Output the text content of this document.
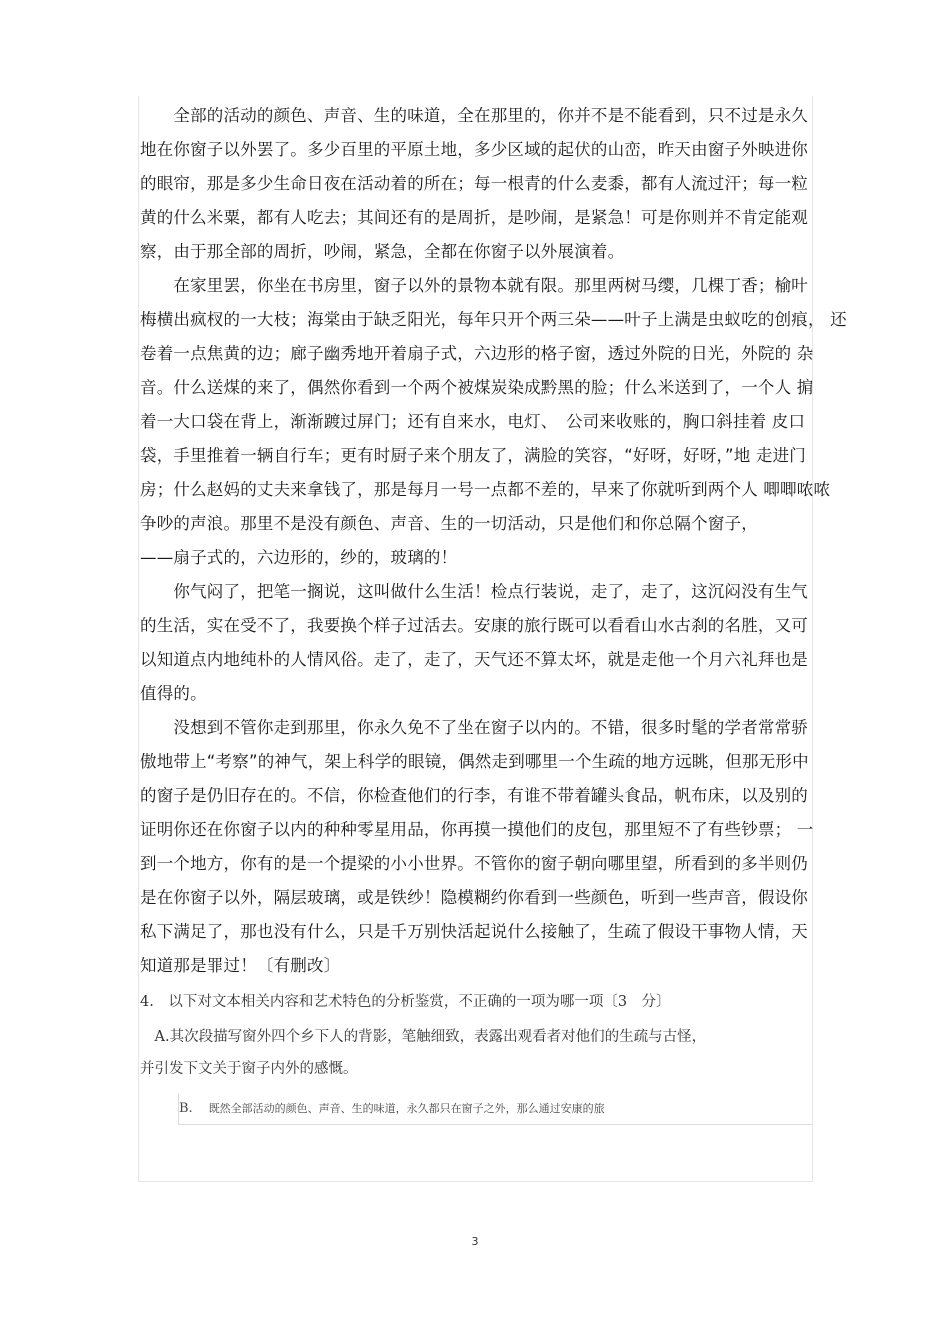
　　全部的活动的颜色、声音、生的味道，全在那里的，你并不是不能看到，只不过是永久
地在你窗子以外罢了。多少百里的平原土地，多少区域的起伏的山峦，昨天由窗子外映进你
的眼帘，那是多少生命日夜在活动着的所在；每一根青的什么麦黍，都有人流过汗；每一粒
黄的什么米粟，都有人吃去；其间还有的是周折，是吵闹，是紧急！可是你则并不肯定能观
察，由于那全部的周折，吵闹，紧急，全都在你窗子以外展演着。
　　在家里罢，你坐在书房里，窗子以外的景物本就有限。那里两树马缨，几棵丁香；榆叶
梅横出疯杈的一大枝；海棠由于缺乏阳光，每年只开个两三朵——叶子上满是虫蚁吃的创痕， 还
卷着一点焦黄的边；廊子幽秀地开着扇子式，六边形的格子窗，透过外院的日光，外院的 杂
音。什么送煤的来了，偶然你看到一个两个被煤炭染成黔黑的脸；什么米送到了，一个人 掮
着一大口袋在背上，渐渐踱过屏门；还有自来水，电灯、　公司来收账的，胸口斜挂着 皮口
袋，手里推着一辆自行车；更有时厨子来个朋友了，满脸的笑容，“好呀，好呀，”地 走进门
房；什么赵妈的丈夫来拿钱了，那是每月一号一点都不差的，早来了你就听到两个人 唧唧哝哝
争吵的声浪。那里不是没有颜色、声音、生的一切活动，只是他们和你总隔个窗子，
——扇子式的，六边形的，纱的，玻璃的！
　　你气闷了，把笔一搁说，这叫做什么生活！检点行装说，走了，走了，这沉闷没有生气
的生活，实在受不了，我要换个样子过活去。安康的旅行既可以看看山水古刹的名胜，又可
以知道点内地纯朴的人情风俗。走了，走了，天气还不算太坏，就是走他一个月六礼拜也是
值得的。
　　没想到不管你走到那里，你永久免不了坐在窗子以内的。不错，很多时髦的学者常常骄
傲地带上“考察”的神气，架上科学的眼镜，偶然走到哪里一个生疏的地方远眺，但那无形中
的窗子是仍旧存在的。不信，你检查他们的行李，有谁不带着罐头食品，帆布床，以及别的
证明你还在你窗子以内的种种零星用品，你再摸一摸他们的皮包，那里短不了有些钞票； 一
到一个地方，你有的是一个提梁的小小世界。不管你的窗子朝向哪里望，所看到的多半则仍
是在你窗子以外，隔层玻璃，或是铁纱！隐模糊约你看到一些颜色，听到一些声音，假设你
私下满足了，那也没有什么，只是千万别快活起说什么接触了，生疏了假设干事物人情，天
知道那是罪过！〔有删改〕
4.　以下对文本相关内容和艺术特色的分析鉴赏，不正确的一项为哪一项〔3　分〕
　A.其次段描写窗外四个乡下人的背影，笔触细致，表露出观看者对他们的生疏与古怪，
并引发下文关于窗子内外的感慨。
B. 既然全部活动的颜色、声音、生的味道，永久都只在窗子之外，那么通过安康的旅
3
